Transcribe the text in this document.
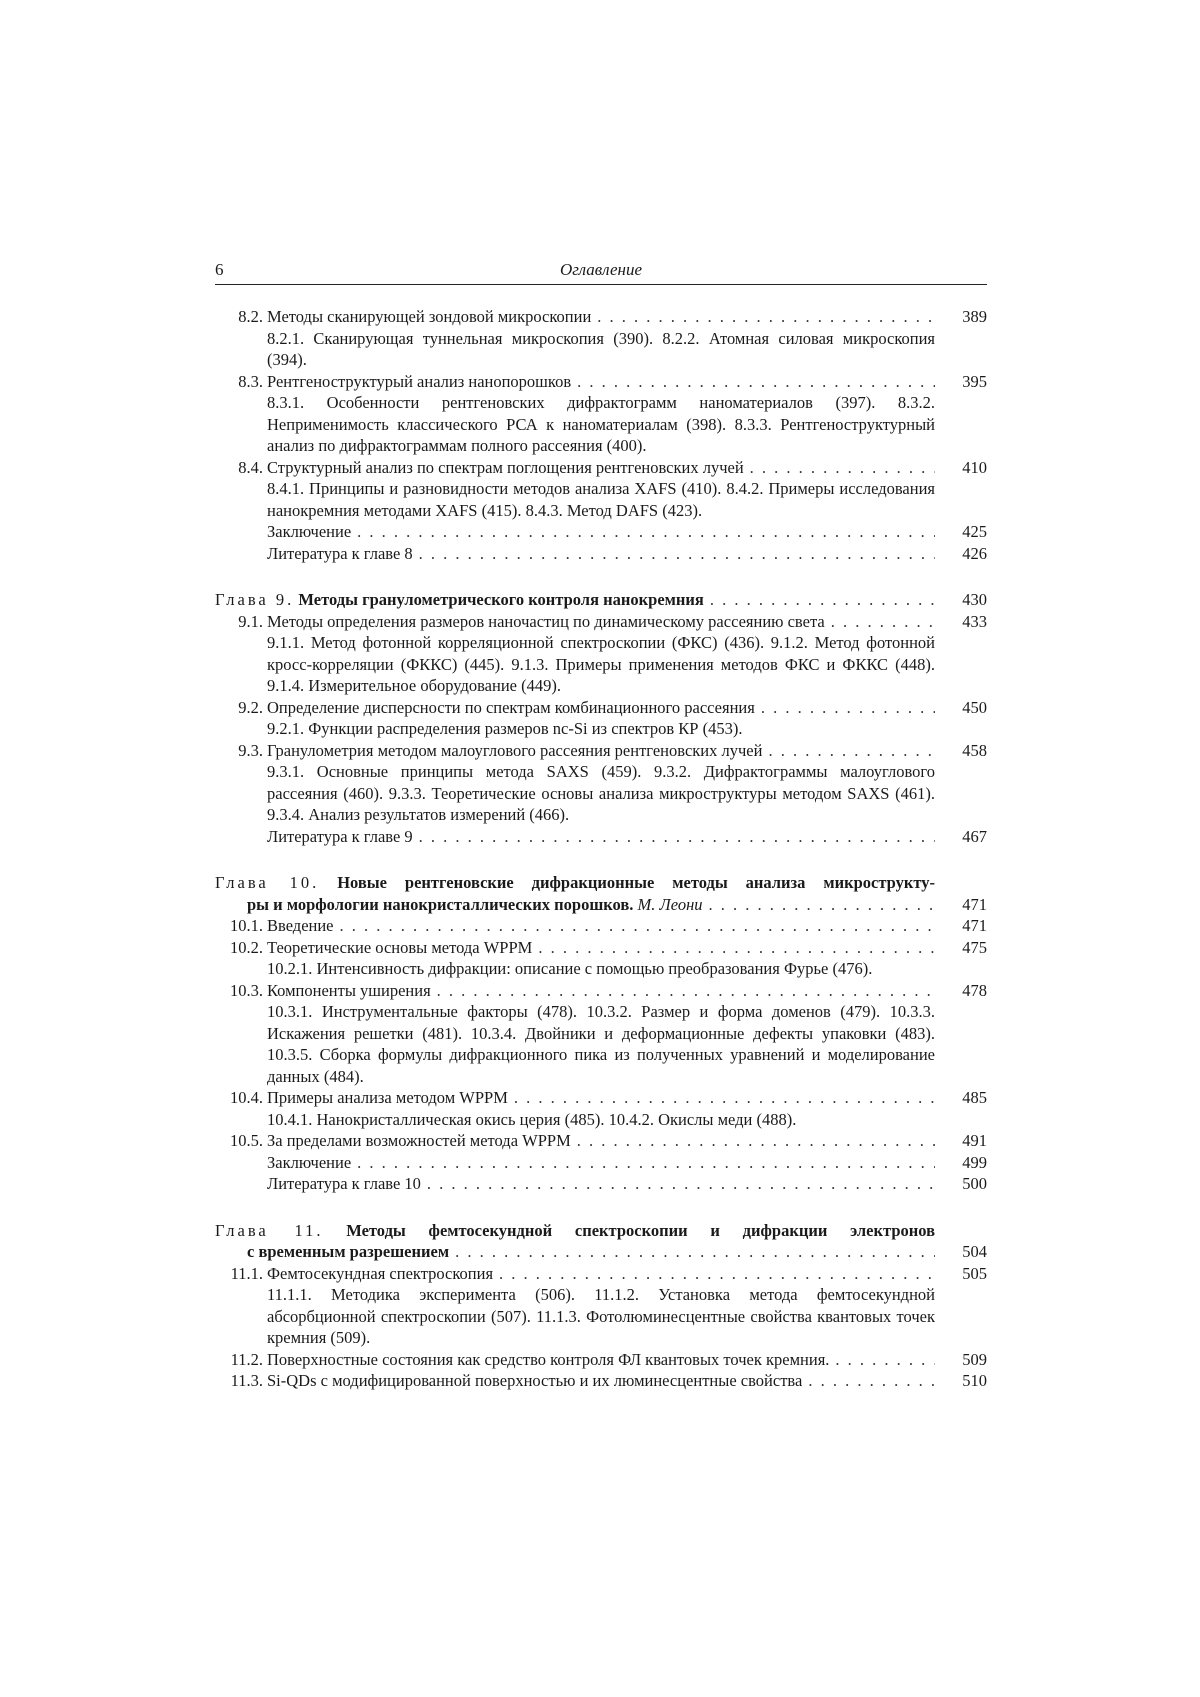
6	Оглавление
8.2. Методы сканирующей зондовой микроскопии . . .	389
8.2.1. Сканирующая туннельная микроскопия (390). 8.2.2. Атомная силовая микроскопия (394).
8.3. Рентгеноструктурый анализ нанопорошков . . .	395
8.3.1. Особенности рентгеновских дифрактограмм наноматериалов (397). 8.3.2. Неприменимость классического РСА к наноматериалам (398). 8.3.3. Рентгеноструктурный анализ по дифрактограммам полного рассеяния (400).
8.4. Структурный анализ по спектрам поглощения рентгеновских лучей . . .	410
8.4.1. Принципы и разновидности методов анализа XAFS (410). 8.4.2. Примеры исследования нанокремния методами XAFS (415). 8.4.3. Метод DAFS (423).
Заключение . . .	425
Литература к главе 8 . . .	426
Глава 9. Методы гранулометрического контроля нанокремния . . .	430
9.1. Методы определения размеров наночастиц по динамическому рассеянию света . . .	433
9.1.1. Метод фотонной корреляционной спектроскопии (ФКС) (436). 9.1.2. Метод фотонной кросс-корреляции (ФККС) (445). 9.1.3. Примеры применения методов ФКС и ФККС (448). 9.1.4. Измерительное оборудование (449).
9.2. Определение дисперсности по спектрам комбинационного рассеяния . . .	450
9.2.1. Функции распределения размеров nc-Si из спектров КР (453).
9.3. Гранулометрия методом малоуглового рассеяния рентгеновских лучей . . .	458
9.3.1. Основные принципы метода SAXS (459). 9.3.2. Дифрактограммы малоуглового рассеяния (460). 9.3.3. Теоретические основы анализа микроструктуры методом SAXS (461). 9.3.4. Анализ результатов измерений (466).
Литература к главе 9 . . .	467
Глава 10. Новые рентгеновские дифракционные методы анализа микрострукту-
ры и морфологии нанокристаллических порошков. М. Леони . . .	471
10.1. Введение . . .	471
10.2. Теоретические основы метода WPPM . . .	475
10.2.1. Интенсивность дифракции: описание с помощью преобразования Фурье (476).
10.3. Компоненты уширения . . .	478
10.3.1. Инструментальные факторы (478). 10.3.2. Размер и форма доменов (479). 10.3.3. Искажения решетки (481). 10.3.4. Двойники и деформационные дефекты упаковки (483). 10.3.5. Сборка формулы дифракционного пика из полученных уравнений и моделирование данных (484).
10.4. Примеры анализа методом WPPM . . .	485
10.4.1. Нанокристаллическая окись церия (485). 10.4.2. Окислы меди (488).
10.5. За пределами возможностей метода WPPM . . .	491
Заключение . . .	499
Литература к главе 10 . . .	500
Глава 11. Методы фемтосекундной спектроскопии и дифракции электронов
с временным разрешением . . .	504
11.1. Фемтосекундная спектроскопия . . .	505
11.1.1. Методика эксперимента (506). 11.1.2. Установка метода фемтосекундной абсорбционной спектроскопии (507). 11.1.3. Фотолюминесцентные свойства квантовых точек кремния (509).
11.2. Поверхностные состояния как средство контроля ФЛ квантовых точек кремния. . . .	509
11.3. Si-QDs с модифицированной поверхностью и их люминесцентные свойства . . .	510
